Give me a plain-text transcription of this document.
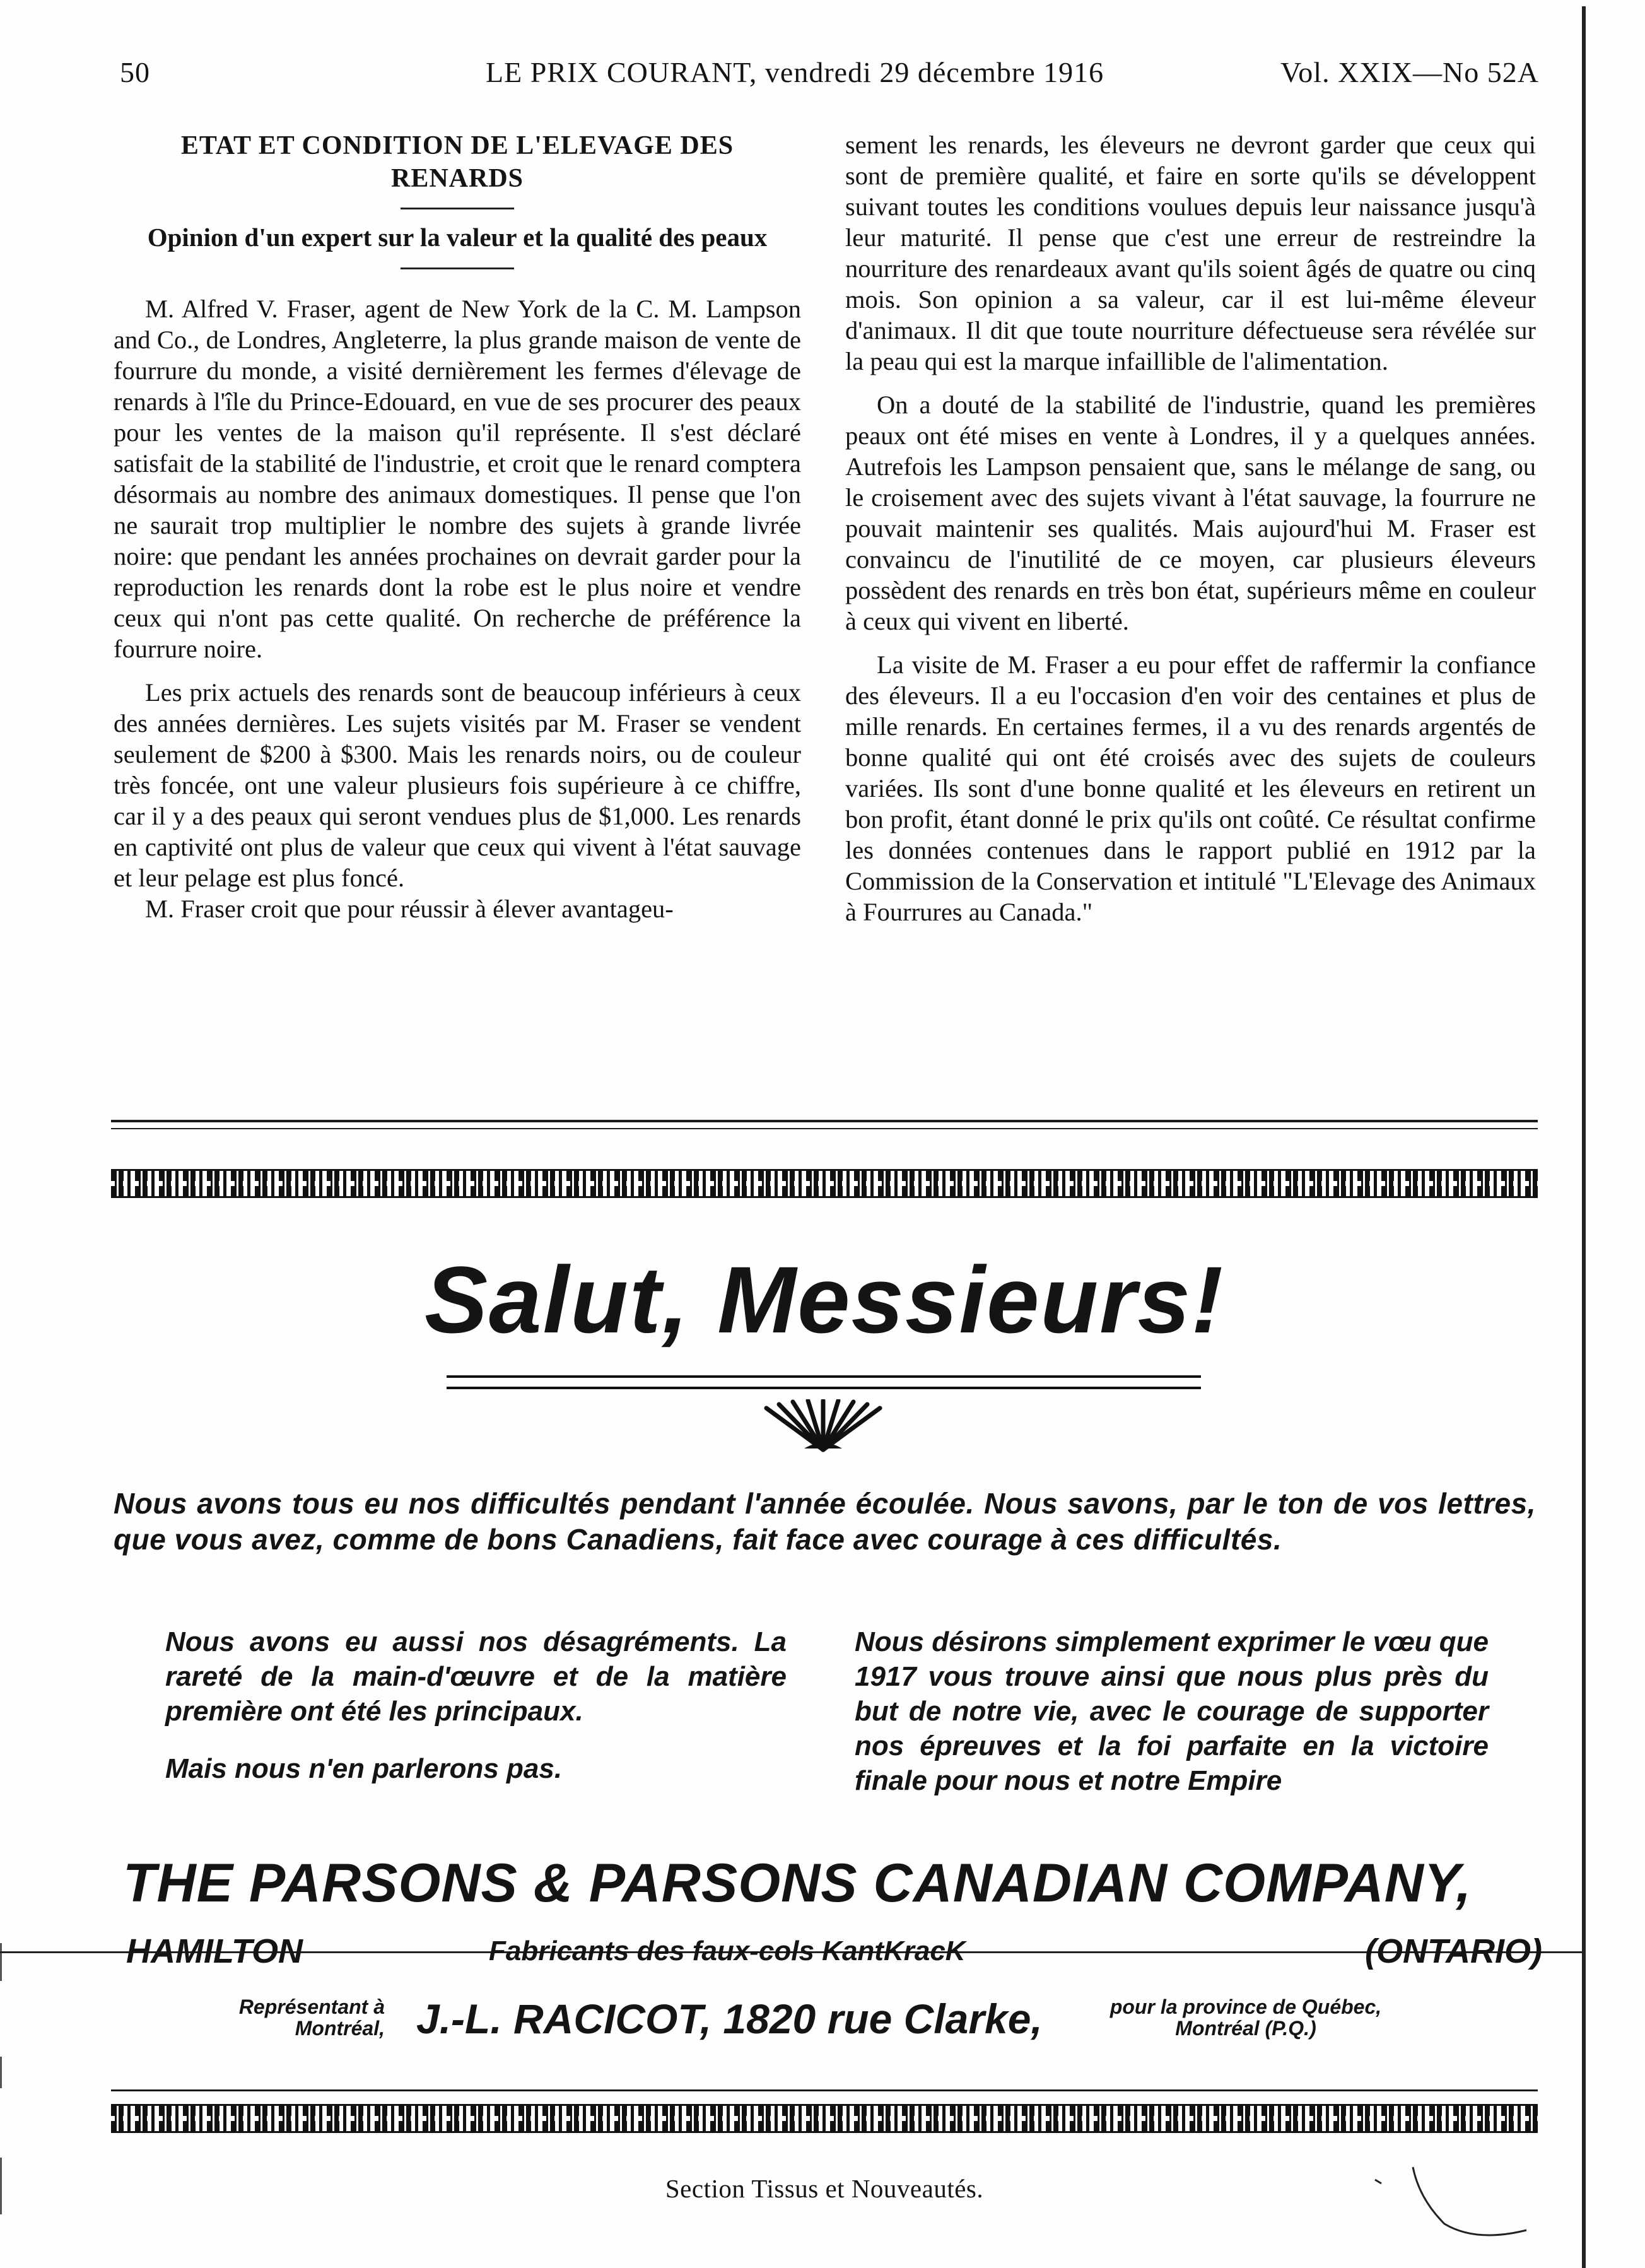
50	LE PRIX COURANT, vendredi 29 décembre 1916	Vol. XXIX—No 52A
ETAT ET CONDITION DE L'ELEVAGE DES RENARDS
Opinion d'un expert sur la valeur et la qualité des peaux

M. Alfred V. Fraser, agent de New York de la C. M. Lampson and Co., de Londres, Angleterre, la plus grande maison de vente de fourrure du monde, a visité dernièrement les fermes d'élevage de renards à l'île du Prince-Edouard, en vue de ses procurer des peaux pour les ventes de la maison qu'il représente. Il s'est déclaré satisfait de la stabilité de l'industrie, et croit que le renard comptera désormais au nombre des animaux domestiques. Il pense que l'on ne saurait trop multiplier le nombre des sujets à grande livrée noire: que pendant les années prochaines on devrait garder pour la reproduction les renards dont la robe est le plus noire et vendre ceux qui n'ont pas cette qualité. On recherche de préférence la fourrure noire.

Les prix actuels des renards sont de beaucoup inférieurs à ceux des années dernières. Les sujets visités par M. Fraser se vendent seulement de $200 à $300. Mais les renards noirs, ou de couleur très foncée, ont une valeur plusieurs fois supérieure à ce chiffre, car il y a des peaux qui seront vendues plus de $1,000. Les renards en captivité ont plus de valeur que ceux qui vivent à l'état sauvage et leur pelage est plus foncé.

M. Fraser croit que pour réussir à élever avantageu-

sement les renards, les éleveurs ne devront garder que ceux qui sont de première qualité, et faire en sorte qu'ils se développent suivant toutes les conditions voulues depuis leur naissance jusqu'à leur maturité. Il pense que c'est une erreur de restreindre la nourriture des renardeaux avant qu'ils soient âgés de quatre ou cinq mois. Son opinion a sa valeur, car il est lui-même éleveur d'animaux. Il dit que toute nourriture défectueuse sera révélée sur la peau qui est la marque infaillible de l'alimentation.

On a douté de la stabilité de l'industrie, quand les premières peaux ont été mises en vente à Londres, il y a quelques années. Autrefois les Lampson pensaient que, sans le mélange de sang, ou le croisement avec des sujets vivant à l'état sauvage, la fourrure ne pouvait maintenir ses qualités. Mais aujourd'hui M. Fraser est convaincu de l'inutilité de ce moyen, car plusieurs éleveurs possèdent des renards en très bon état, supérieurs même en couleur à ceux qui vivent en liberté.

La visite de M. Fraser a eu pour effet de raffermir la confiance des éleveurs. Il a eu l'occasion d'en voir des centaines et plus de mille renards. En certaines fermes, il a vu des renards argentés de bonne qualité qui ont été croisés avec des sujets de couleurs variées. Ils sont d'une bonne qualité et les éleveurs en retirent un bon profit, étant donné le prix qu'ils ont coûté. Ce résultat confirme les données contenues dans le rapport publié en 1912 par la Commission de la Conservation et intitulé "L'Elevage des Animaux à Fourrures au Canada."

Salut, Messieurs!
Nous avons tous eu nos difficultés pendant l'année écoulée. Nous savons, par le ton de vos lettres, que vous avez, comme de bons Canadiens, fait face avec courage à ces difficultés.

Nous avons eu aussi nos désagréments. La rareté de la main-d'œuvre et de la matière première ont été les principaux.

Mais nous n'en parlerons pas.

Nous désirons simplement exprimer le vœu que 1917 vous trouve ainsi que nous plus près du but de notre vie, avec le courage de supporter nos épreuves et la foi parfaite en la victoire finale pour nous et notre Empire

THE PARSONS & PARSONS CANADIAN COMPANY,
HAMILTON	Fabricants des faux-cols KantKracK	(ONTARIO)
Représentant à Montréal, J.-L. RACICOT, 1820 rue Clarke,	pour la province de Québec, Montréal (P.Q.)
Section Tissus et Nouveautés.
